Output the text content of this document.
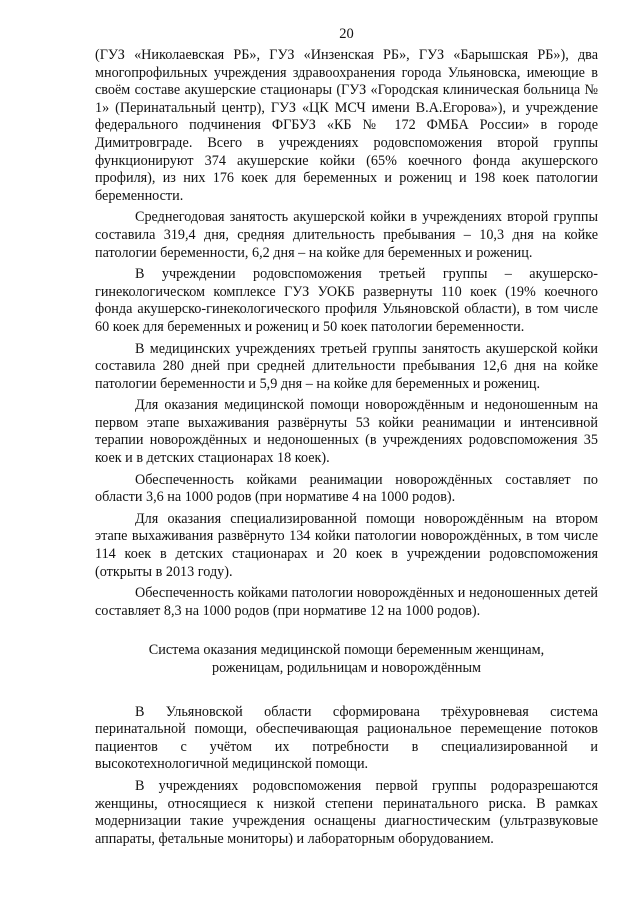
20

(ГУЗ «Николаевская РБ», ГУЗ «Инзенская РБ», ГУЗ «Барышская РБ»), два многопрофильных учреждения здравоохранения города Ульяновска, имеющие в своём составе акушерские стационары (ГУЗ «Городская клиническая больница № 1» (Перинатальный центр), ГУЗ «ЦК МСЧ имени В.А.Егорова»), и учреждение федерального подчинения ФГБУЗ «КБ № 172 ФМБА России» в городе Димитровграде. Всего в учреждениях родовспоможения второй группы функционируют 374 акушерские койки (65% коечного фонда акушерского профиля), из них 176 коек для беременных и рожениц и 198 коек патологии беременности.

Среднегодовая занятость акушерской койки в учреждениях второй группы составила 319,4 дня, средняя длительность пребывания – 10,3 дня на койке патологии беременности, 6,2 дня – на койке для беременных и рожениц.

В учреждении родовспоможения третьей группы – акушерско-гинекологическом комплексе ГУЗ УОКБ развернуты 110 коек (19% коечного фонда акушерско-гинекологического профиля Ульяновской области), в том числе 60 коек для беременных и рожениц и 50 коек патологии беременности.

В медицинских учреждениях третьей группы занятость акушерской койки составила 280 дней при средней длительности пребывания 12,6 дня на койке патологии беременности и 5,9 дня – на койке для беременных и рожениц.

Для оказания медицинской помощи новорождённым и недоношенным на первом этапе выхаживания развёрнуты 53 койки реанимации и интенсивной терапии новорождённых и недоношенных (в учреждениях родовспоможения 35 коек и в детских стационарах 18 коек).

Обеспеченность койками реанимации новорождённых составляет по области 3,6 на 1000 родов (при нормативе 4 на 1000 родов).

Для оказания специализированной помощи новорождённым на втором этапе выхаживания развёрнуто 134 койки патологии новорождённых, в том числе 114 коек в детских стационарах и 20 коек в учреждении родовспоможения (открыты в 2013 году).

Обеспеченность койками патологии новорождённых и недоношенных детей составляет 8,3 на 1000 родов (при нормативе 12 на 1000 родов).

Система оказания медицинской помощи беременным женщинам,
роженицам, родильницам и новорождённым

В Ульяновской области сформирована трёхуровневая система перинатальной помощи, обеспечивающая рациональное перемещение потоков пациентов с учётом их потребности в специализированной и высокотехнологичной медицинской помощи.

В учреждениях родовспоможения первой группы родоразрешаются женщины, относящиеся к низкой степени перинатального риска. В рамках модернизации такие учреждения оснащены диагностическим (ультразвуковые аппараты, фетальные мониторы) и лабораторным оборудованием.
